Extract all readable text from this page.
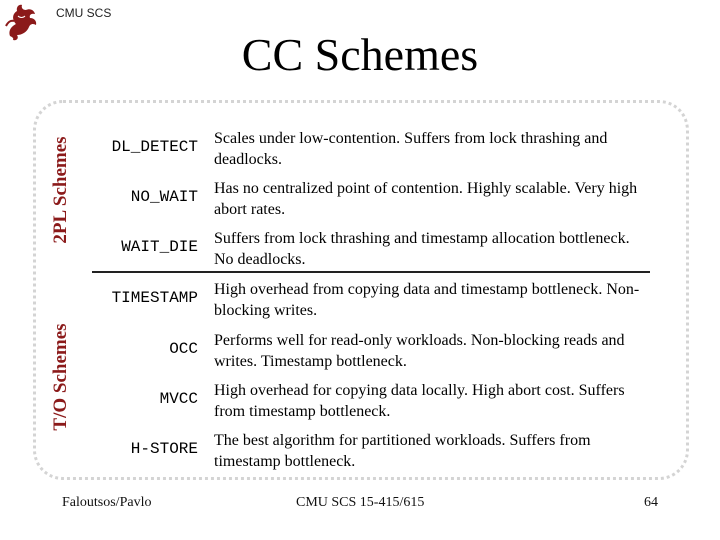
CMU SCS
CC Schemes
2PL Schemes
T/O Schemes
DL_DETECT Scales under low-contention. Suffers from lock thrashing and deadlocks.
NO_WAIT Has no centralized point of contention. Highly scalable. Very high abort rates.
WAIT_DIE Suffers from lock thrashing and timestamp allocation bottleneck. No deadlocks.
TIMESTAMP High overhead from copying data and timestamp bottleneck. Non-blocking writes.
OCC Performs well for read-only workloads. Non-blocking reads and writes. Timestamp bottleneck.
MVCC High overhead for copying data locally. High abort cost. Suffers from timestamp bottleneck.
H-STORE The best algorithm for partitioned workloads. Suffers from timestamp bottleneck.
Faloutsos/Pavlo	CMU SCS 15-415/615	64
